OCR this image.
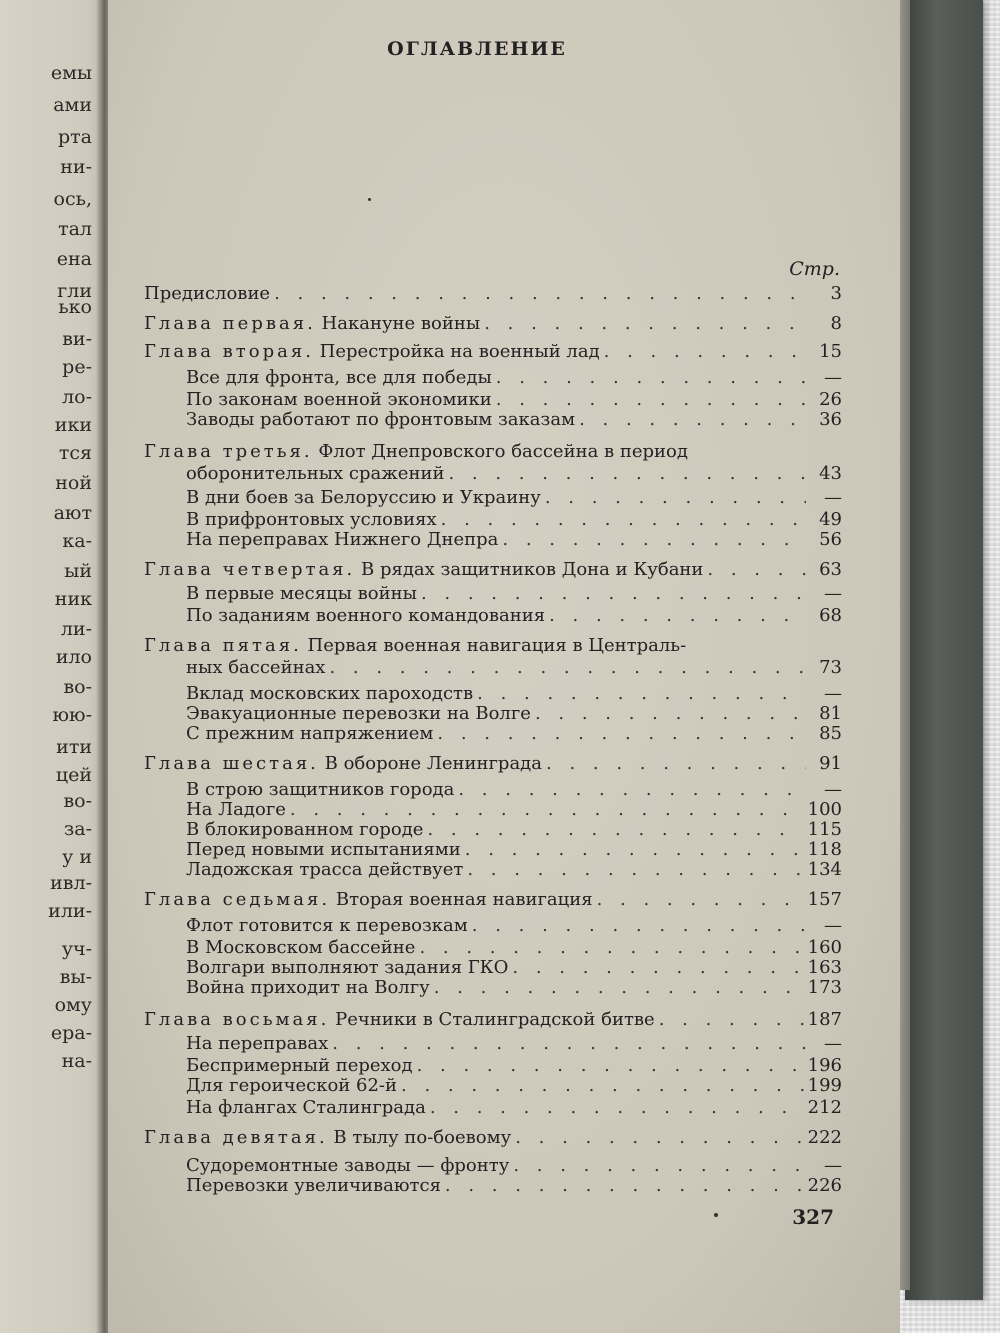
емы
ами
рта
ни-
ось,
тал
ена
гли
ько
ви-
ре-
ло-
ики
тся
ной
ают
ка-
ый
ник
ли-
ило
во-
юю-
ити
цей
во-
за-
у и
ивл-
или-
уч-
вы-
ому
ера-
на-
ОГЛАВЛЕНИЕ
Стр.
327
Предисловие . . .	3
Глава первая. Накануне войны . . .	8
Глава вторая. Перестройка на военный лад . . .	15
Все для фронта, все для победы . . .	—
По законам военной экономики . . .	26
Заводы работают по фронтовым заказам . . .	36
Глава третья. Флот Днепровского бассейна в период
оборонительных сражений . . .	43
В дни боев за Белоруссию и Украину . . .	—
В прифронтовых условиях . . .	49
На переправах Нижнего Днепра . . .	56
Глава четвертая. В рядах защитников Дона и Кубани . . .	63
В первые месяцы войны . . .	—
По заданиям военного командования . . .	68
Глава пятая. Первая военная навигация в Централь-
ных бассейнах . . .	73
Вклад московских пароходств . . .	—
Эвакуационные перевозки на Волге . . .	81
С прежним напряжением . . .	85
Глава шестая. В обороне Ленинграда . . .	91
В строю защитников города . . .	—
На Ладоге . . .	100
В блокированном городе . . .	115
Перед новыми испытаниями . . .	118
Ладожская трасса действует . . .	134
Глава седьмая. Вторая военная навигация . . .	157
Флот готовится к перевозкам . . .	—
В Московском бассейне . . .	160
Волгари выполняют задания ГКО . . .	163
Война приходит на Волгу . . .	173
Глава восьмая. Речники в Сталинградской битве . . .	187
На переправах . . .	—
Беспримерный переход . . .	196
Для героической 62-й . . .	199
На флангах Сталинграда . . .	212
Глава девятая. В тылу по-боевому . . .	222
Судоремонтные заводы — фронту . . .	—
Перевозки увеличиваются . . .	226
